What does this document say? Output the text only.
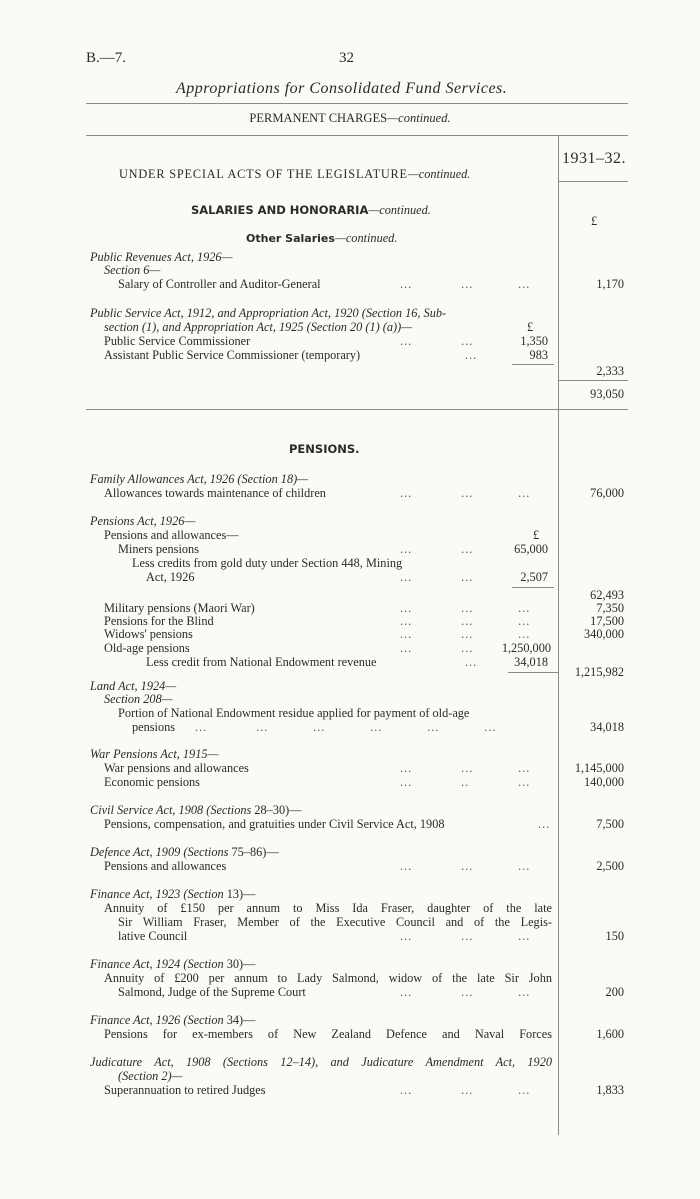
B.—7.	32
Appropriations for Consolidated Fund Services.
PERMANENT CHARGES—continued.
1931–32.
£
UNDER SPECIAL ACTS OF THE LEGISLATURE—continued.
SALARIES AND HONORARIA—continued.
Other Salaries—continued.
Public Revenues Act, 1926—
Section 6—
Salary of Controller and Auditor-General	...            ...           ...	1,170
Public Service Act, 1912, and Appropriation Act, 1920 (Section 16, Sub-
section (1), and Appropriation Act, 1925 (Section 20 (1) (a))—	£
Public Service Commissioner	...            ...	1,350
Assistant Public Service Commissioner (temporary)	...	983
2,333
93,050
PENSIONS.
Family Allowances Act, 1926 (Section 18)—
Allowances towards maintenance of children	...            ...           ...	76,000
Pensions Act, 1926—
Pensions and allowances—	£
Miners pensions	...            ...	65,000
Less credits from gold duty under Section 448, Mining
Act, 1926	...            ...	2,507
62,493
Military pensions (Maori War)	...            ...           ...	7,350
Pensions for the Blind	...            ...           ...	17,500
Widows' pensions	...            ...           ...	340,000
Old-age pensions	...            ...	1,250,000
Less credit from National Endowment revenue	...	34,018
1,215,982
Land Act, 1924—
Section 208—
Portion of National Endowment residue applied for payment of old-age
pensions ...            ...           ...           ...           ...           ...	34,018
War Pensions Act, 1915—
War pensions and allowances	...            ...           ...	1,145,000
Economic pensions	...            ..            ...	140,000
Civil Service Act, 1908 (Sections 28–30)—
Pensions, compensation, and gratuities under Civil Service Act, 1908	...	7,500
Defence Act, 1909 (Sections 75–86)—
Pensions and allowances	...            ...           ...	2,500
Finance Act, 1923 (Section 13)—
Annuity of £150 per annum to Miss Ida Fraser, daughter of the late
Sir William Fraser, Member of the Executive Council and of the Legis-
lative Council	...            ...           ...	150
Finance Act, 1924 (Section 30)—
Annuity of £200 per annum to Lady Salmond, widow of the late Sir John
Salmond, Judge of the Supreme Court	...            ...           ...	200
Finance Act, 1926 (Section 34)—
Pensions for ex-members of New Zealand Defence and Naval Forces	1,600
Judicature Act, 1908 (Sections 12–14), and Judicature Amendment Act, 1920
(Section 2)—
Superannuation to retired Judges	...            ...           ...	1,833
